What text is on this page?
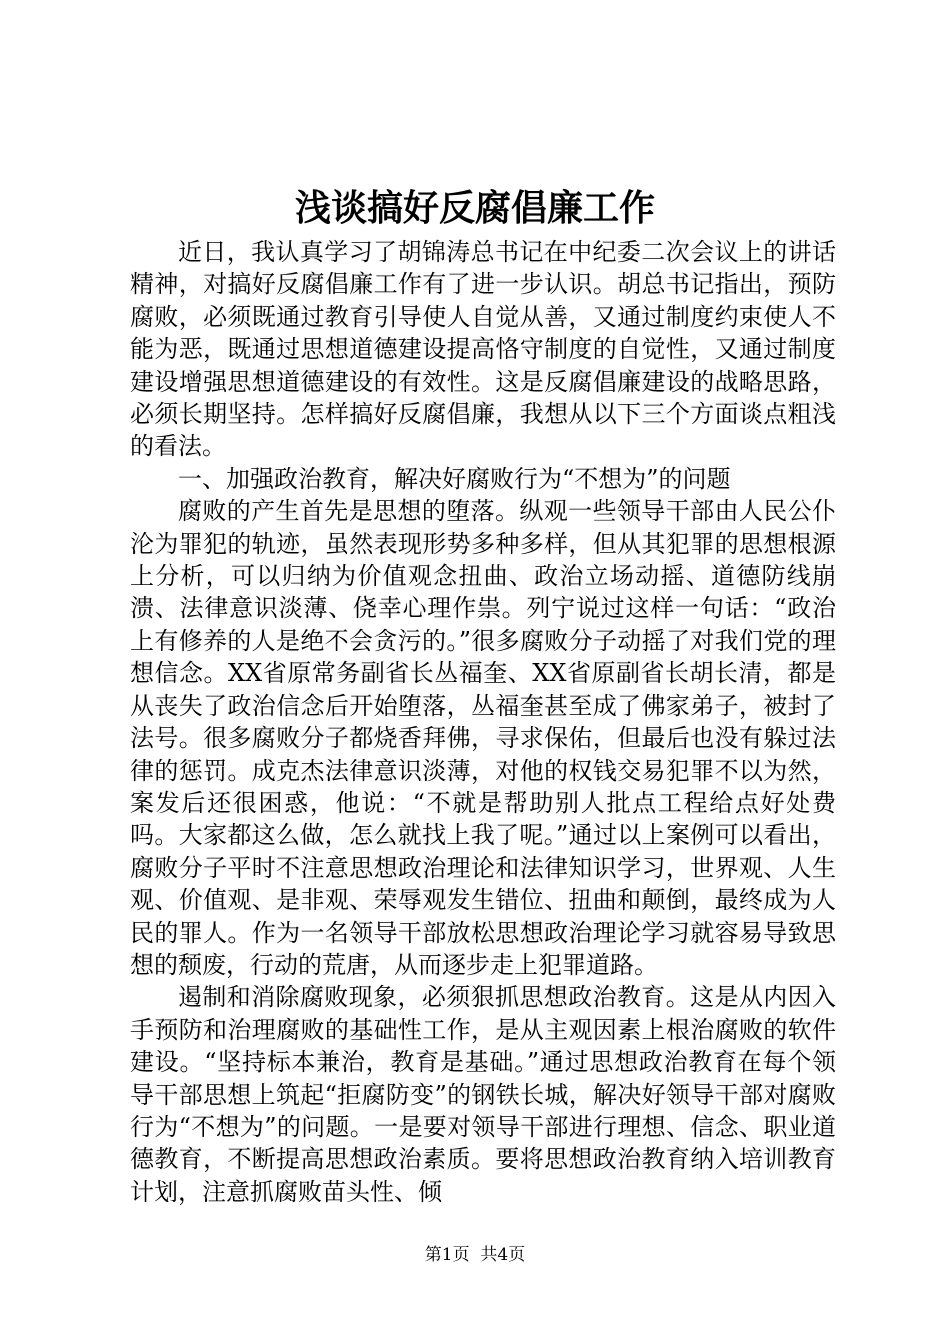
浅谈搞好反腐倡廉工作

近日，我认真学习了胡锦涛总书记在中纪委二次会议上的讲话精神，对搞好反腐倡廉工作有了进一步认识。胡总书记指出，预防腐败，必须既通过教育引导使人自觉从善，又通过制度约束使人不能为恶，既通过思想道德建设提高恪守制度的自觉性，又通过制度建设增强思想道德建设的有效性。这是反腐倡廉建设的战略思路，必须长期坚持。怎样搞好反腐倡廉，我想从以下三个方面谈点粗浅的看法。

一、加强政治教育，解决好腐败行为“不想为”的问题

腐败的产生首先是思想的堕落。纵观一些领导干部由人民公仆沦为罪犯的轨迹，虽然表现形势多种多样，但从其犯罪的思想根源上分析，可以归纳为价值观念扭曲、政治立场动摇、道德防线崩溃、法律意识淡薄、侥幸心理作祟。列宁说过这样一句话：“政治上有修养的人是绝不会贪污的。”很多腐败分子动摇了对我们党的理想信念。XX省原常务副省长丛福奎、XX省原副省长胡长清，都是从丧失了政治信念后开始堕落，丛福奎甚至成了佛家弟子，被封了法号。很多腐败分子都烧香拜佛，寻求保佑，但最后也没有躲过法律的惩罚。成克杰法律意识淡薄，对他的权钱交易犯罪不以为然，案发后还很困惑，他说：“不就是帮助别人批点工程给点好处费吗。大家都这么做，怎么就找上我了呢。”通过以上案例可以看出，腐败分子平时不注意思想政治理论和法律知识学习，世界观、人生观、价值观、是非观、荣辱观发生错位、扭曲和颠倒，最终成为人民的罪人。作为一名领导干部放松思想政治理论学习就容易导致思想的颓废，行动的荒唐，从而逐步走上犯罪道路。

遏制和消除腐败现象，必须狠抓思想政治教育。这是从内因入手预防和治理腐败的基础性工作，是从主观因素上根治腐败的软件建设。“坚持标本兼治，教育是基础。”通过思想政治教育在每个领导干部思想上筑起“拒腐防变”的钢铁长城，解决好领导干部对腐败行为“不想为”的问题。一是要对领导干部进行理想、信念、职业道德教育，不断提高思想政治素质。要将思想政治教育纳入培训教育计划，注意抓腐败苗头性、倾

第1页 共4页
